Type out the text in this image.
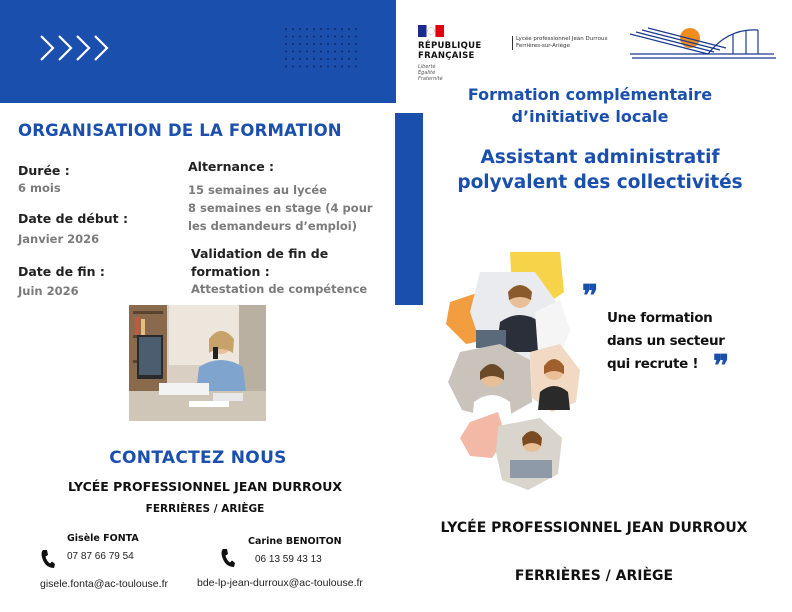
ORGANISATION DE LA FORMATION
Durée :
6 mois
Date de début :
Janvier 2026
Date de fin :
Juin 2026
Alternance :
15 semaines au lycée
8 semaines en stage (4 pour
les demandeurs d’emploi)
Validation de fin de
formation :
Attestation de compétence
CONTACTEZ NOUS
LYCÉE PROFESSIONNEL JEAN DURROUX
FERRIÈRES / ARIÈGE
Gisèle FONTA
07 87 66 79 54
gisele.fonta@ac-toulouse.fr
Carine BENOITON
06 13 59 43 13
bde-lp-jean-durroux@ac-toulouse.fr
RÉPUBLIQUE
FRANÇAISE
Liberté
Égalité
Fraternité
Lycée professionnel Jean Durroux
Ferrières-sur-Ariège
Formation complémentaire
d’initiative locale
Assistant administratif
polyvalent des collectivités
❞
Une formation
dans un secteur
qui recrute ! ❞
LYCÉE PROFESSIONNEL JEAN DURROUX
FERRIÈRES / ARIÈGE
